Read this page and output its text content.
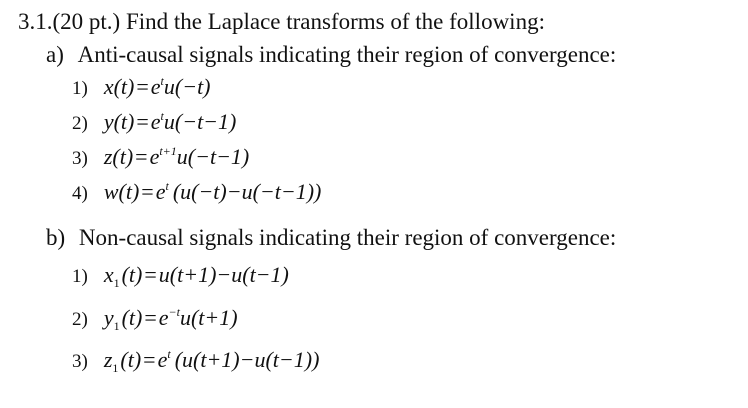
3.1.(20 pt.) Find the Laplace transforms of the following:
a) Anti-causal signals indicating their region of convergence:
1) $x(t)=e^tu(-t)$
2) $y(t)=e^tu(-t-1)$
3) $z(t)=e^{t+1}u(-t-1)$
4) $w(t)=e^t$ (u(−t)−u(−t−1))
b) Non-causal signals indicating their region of convergence:
1) $x_1(t)=u(t+1)-u(t-1)$
2) $y_1(t)=e^{-t}u(t+1)$
3) $z_1(t)=e^t$ (u(t+1)−u(t−1))
